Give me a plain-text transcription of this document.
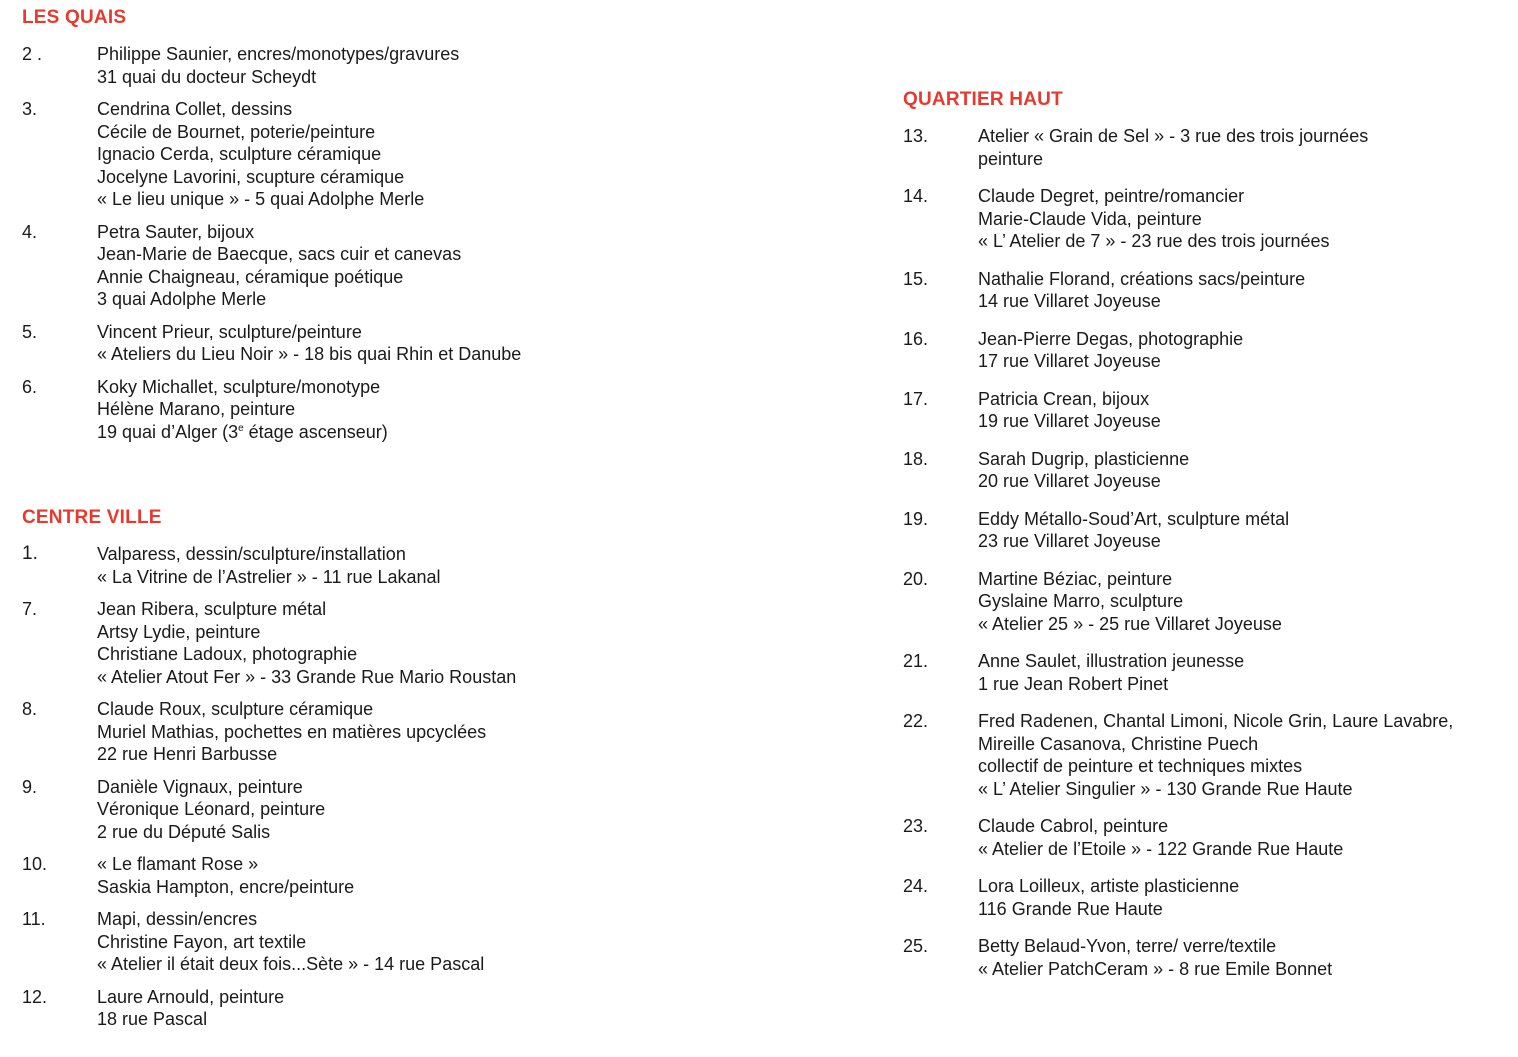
LES QUAIS
2 .	Philippe Saunier, encres/monotypes/gravures
31 quai du docteur Scheydt
3.	Cendrina Collet, dessins
Cécile de Bournet, poterie/peinture
Ignacio Cerda, sculpture céramique
Jocelyne Lavorini, scupture céramique
« Le lieu unique » - 5 quai Adolphe Merle
4.	Petra Sauter, bijoux
Jean-Marie de Baecque, sacs cuir et canevas
Annie Chaigneau, céramique poétique
3 quai Adolphe Merle
5.	Vincent Prieur, sculpture/peinture
« Ateliers du Lieu Noir » - 18 bis quai Rhin et Danube
6.	Koky Michallet, sculpture/monotype
Hélène Marano, peinture
19 quai d’Alger (3e étage ascenseur)
CENTRE VILLE
1.	Valparess, dessin/sculpture/installation
« La Vitrine de l’Astrelier » - 11 rue Lakanal
7.	Jean Ribera, sculpture métal
Artsy Lydie, peinture
Christiane Ladoux, photographie
« Atelier Atout Fer » - 33 Grande Rue Mario Roustan
8.	Claude Roux, sculpture céramique
Muriel Mathias, pochettes en matières upcyclées
22 rue Henri Barbusse
9.	Danièle Vignaux, peinture
Véronique Léonard, peinture
2 rue du Député Salis
10.	« Le flamant Rose »
Saskia Hampton, encre/peinture
11.	Mapi, dessin/encres
Christine Fayon, art textile
« Atelier il était deux fois...Sète » - 14 rue Pascal
12.	Laure Arnould, peinture
18 rue Pascal
QUARTIER HAUT
13.	Atelier « Grain de Sel » - 3 rue des trois journées
peinture
14.	Claude Degret, peintre/romancier
Marie-Claude Vida, peinture
« L’ Atelier de 7 » - 23 rue des trois journées
15.	Nathalie Florand, créations sacs/peinture
14 rue Villaret Joyeuse
16.	Jean-Pierre Degas, photographie
17 rue Villaret Joyeuse
17.	Patricia Crean, bijoux
19 rue Villaret Joyeuse
18.	Sarah Dugrip, plasticienne
20 rue Villaret Joyeuse
19.	Eddy Métallo-Soud’Art, sculpture métal
23 rue Villaret Joyeuse
20.	Martine Béziac, peinture
Gyslaine Marro, sculpture
« Atelier 25 » - 25 rue Villaret Joyeuse
21.	Anne Saulet, illustration jeunesse
1 rue Jean Robert Pinet
22.	Fred Radenen, Chantal Limoni, Nicole Grin, Laure Lavabre,
Mireille Casanova, Christine Puech
collectif de peinture et techniques mixtes
« L’ Atelier Singulier » - 130 Grande Rue Haute
23.	Claude Cabrol, peinture
« Atelier de l’Etoile » - 122 Grande Rue Haute
24.	Lora Loilleux, artiste plasticienne
116 Grande Rue Haute
25.	Betty Belaud-Yvon, terre/ verre/textile
« Atelier PatchCeram » - 8 rue Emile Bonnet
